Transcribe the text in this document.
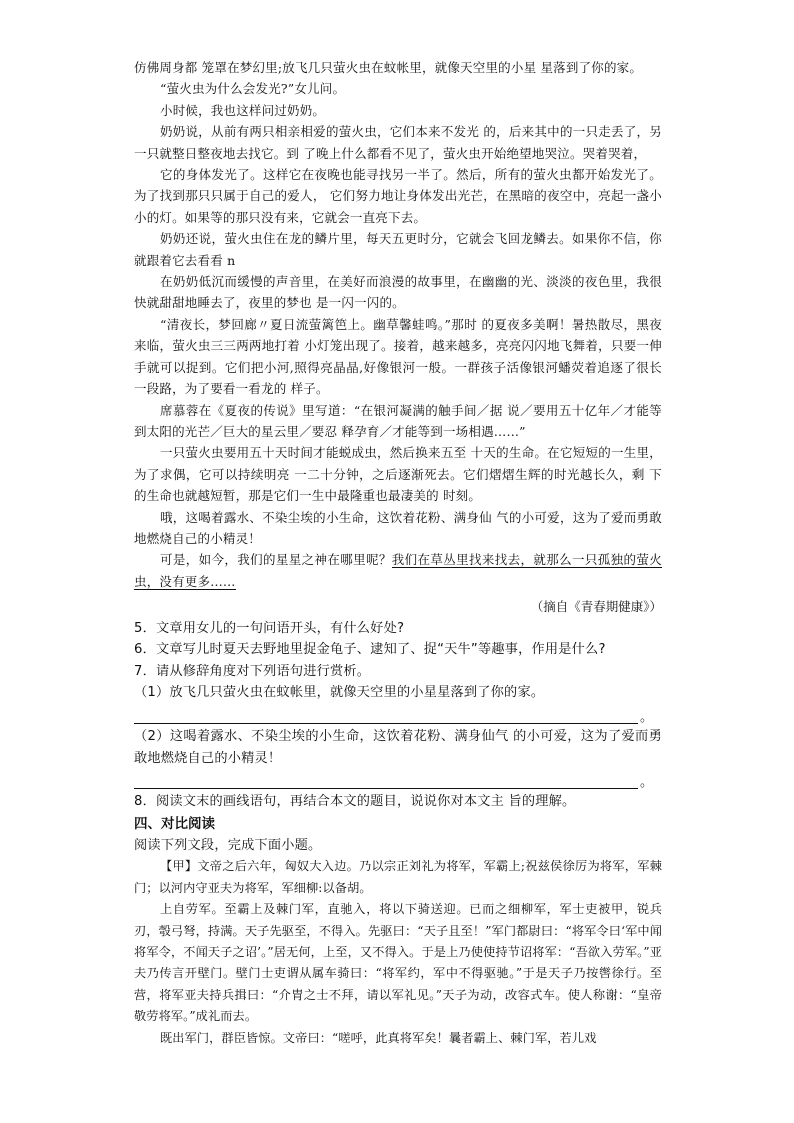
仿佛周身都 笼罩在梦幻里;放飞几只萤火虫在蚊帐里，就像天空里的小星 星落到了你的家。

“萤火虫为什么会发光?”女儿问。

小时候，我也这样问过奶奶。

奶奶说，从前有两只相亲相爱的萤火虫，它们本来不发光 的，后来其中的一只走丢了，另一只就整日整夜地去找它。到 了晚上什么都看不见了，萤火虫开始绝望地哭泣。哭着哭着，

它的身体发光了。这样它在夜晚也能寻找另一半了。然后，所有的萤火虫都开始发光了。为了找到那只只属于自己的爱人， 它们努力地让身体发出光芒，在黑暗的夜空中，亮起一盏小小的灯。如果等的那只没有来，它就会一直亮下去。

奶奶还说，萤火虫住在龙的鳞片里，每天五更时分，它就会飞回龙鳞去。如果你不信，你就跟着它去看看 n

在奶奶低沉而缓慢的声音里，在美好而浪漫的故事里，在幽幽的光、淡淡的夜色里，我很快就甜甜地睡去了，夜里的梦也 是一闪一闪的。

“清夜长，梦回廊〃夏日流萤篱笆上。幽草馨蛙鸣。”那时 的夏夜多美啊！暑热散尽，黑夜来临，萤火虫三三两两地打着 小灯笼出现了。接着，越来越多，亮亮闪闪地飞舞着，只要一伸 手就可以捉到。它们把小河,照得亮晶晶,好像银河一般。一群孩子活像银河蟠荧着追逐了很长一段路，为了要看一看龙的 样子。

席慕蓉在《夏夜的传说》里写道：“在银河凝满的触手间／据 说／要用五十亿年／才能等到太阳的光芒／巨大的星云里／要忍 释孕育／才能等到一场相遇……”

一只萤火虫要用五十天时间才能蜕成虫，然后换来五至 十天的生命。在它短短的一生里，为了求偶，它可以持续明亮 一二十分钟，之后逐渐死去。它们熠熠生辉的时光越长久，剩 下的生命也就越短暂，那是它们一生中最隆重也最凄美的 时刻。

哦，这喝着露水、不染尘埃的小生命，这饮着花粉、满身仙 气的小可爱，这为了爱而勇敢地燃烧自己的小精灵！

可是，如今，我们的星星之神在哪里呢？我们在草丛里找来找去，就那么一只孤独的萤火虫，没有更多……

（摘自《青春期健康》）

5．文章用女儿的一句问语开头，有什么好处?

6．文章写儿时夏天去野地里捉金龟子、逮知了、捉“天牛”等趣事，作用是什么?

7．请从修辞角度对下列语句进行赏析。

（1）放飞几只萤火虫在蚊帐里，就像天空里的小星星落到了你的家。

。

（2）这喝着露水、不染尘埃的小生命，这饮着花粉、满身仙气 的小可爱，这为了爱而勇敢地燃烧自己的小精灵！

。

8．阅读文末的画线语句，再结合本文的题目，说说你对本文主 旨的理解。

四、对比阅读

阅读下列文段，完成下面小题。

【甲】文帝之后六年，匈奴大入边。乃以宗正刘礼为将军，军霸上;祝兹侯徐厉为将军，军棘门；以河内守亚夫为将军，军细柳:以备胡。

上自劳军。至霸上及棘门军，直驰入，将以下骑送迎。已而之细柳军，军士吏被甲，锐兵刃，彀弓弩，持满。天子先驱至，不得入。先驱曰：“天子且至！”军门都尉曰：“将军令曰‘军中闻将军令，不闻天子之诏’。”居无何，上至，又不得入。于是上乃使使持节诏将军：“吾欲入劳军。”亚夫乃传言开壁门。壁门士吏谓从属车骑曰：“将军约，军中不得驱驰。”于是天子乃按辔徐行。至营，将军亚夫持兵揖曰：“介胄之士不拜，请以军礼见。”天子为动，改容式车。使人称谢：“皇帝敬劳将军。”成礼而去。

既出军门，群臣皆惊。文帝曰：“嗟呼，此真将军矣！曩者霸上、棘门军，若儿戏
